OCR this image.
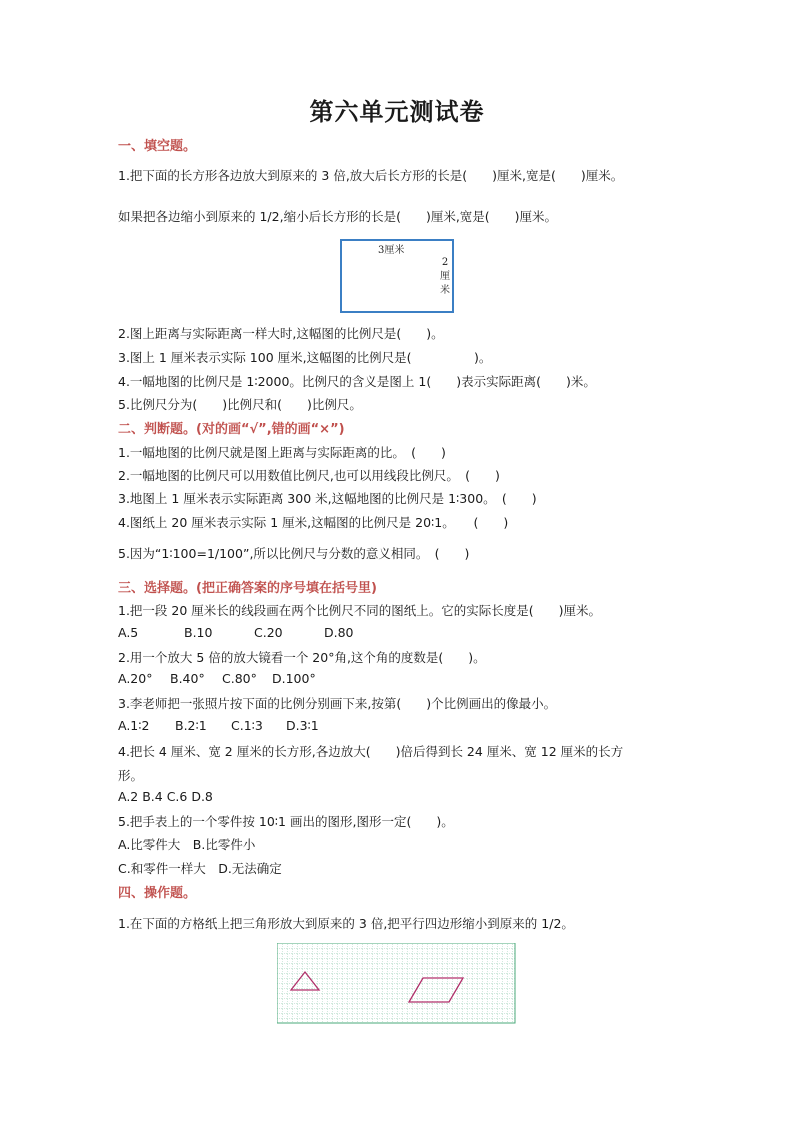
第六单元测试卷
一、填空题。
1.把下面的长方形各边放大到原来的 3 倍,放大后长方形的长是(　　)厘米,宽是(　　)厘米。
如果把各边缩小到原来的 1/2,缩小后长方形的长是(　　)厘米,宽是(　　)厘米。
3厘米
2
厘
米
2.图上距离与实际距离一样大时,这幅图的比例尺是(　　)。
3.图上 1 厘米表示实际 100 厘米,这幅图的比例尺是(　　　　　)。
4.一幅地图的比例尺是 1∶2000。比例尺的含义是图上 1(　　)表示实际距离(　　)米。
5.比例尺分为(　　)比例尺和(　　)比例尺。
二、判断题。(对的画“√”,错的画“×”)
1.一幅地图的比例尺就是图上距离与实际距离的比。　(　　)
2.一幅地图的比例尺可以用数值比例尺,也可以用线段比例尺。　(　　)
3.地图上 1 厘米表示实际距离 300 米,这幅地图的比例尺是 1∶300。　(　　)
4.图纸上 20 厘米表示实际 1 厘米,这幅图的比例尺是 20∶1。　　(　　)
5.因为“1∶100=1/100”,所以比例尺与分数的意义相同。　(　　)
三、选择题。(把正确答案的序号填在括号里)
1.把一段 20 厘米长的线段画在两个比例尺不同的图纸上。它的实际长度是(　　)厘米。
A.5	B.10	C.20	D.80
2.用一个放大 5 倍的放大镜看一个 20°角,这个角的度数是(　　)。
A.20° B.40° C.80° D.100°
3.李老师把一张照片按下面的比例分别画下来,按第(　　)个比例画出的像最小。
A.1∶2 B.2∶1 C.1∶3 D.3∶1
4.把长 4 厘米、宽 2 厘米的长方形,各边放大(　　)倍后得到长 24 厘米、宽 12 厘米的长方
形。
A.2 B.4 C.6 D.8
5.把手表上的一个零件按 10∶1 画出的图形,图形一定(　　)。
A.比零件大　B.比零件小
C.和零件一样大　D.无法确定
四、操作题。
1.在下面的方格纸上把三角形放大到原来的 3 倍,把平行四边形缩小到原来的 1/2。
